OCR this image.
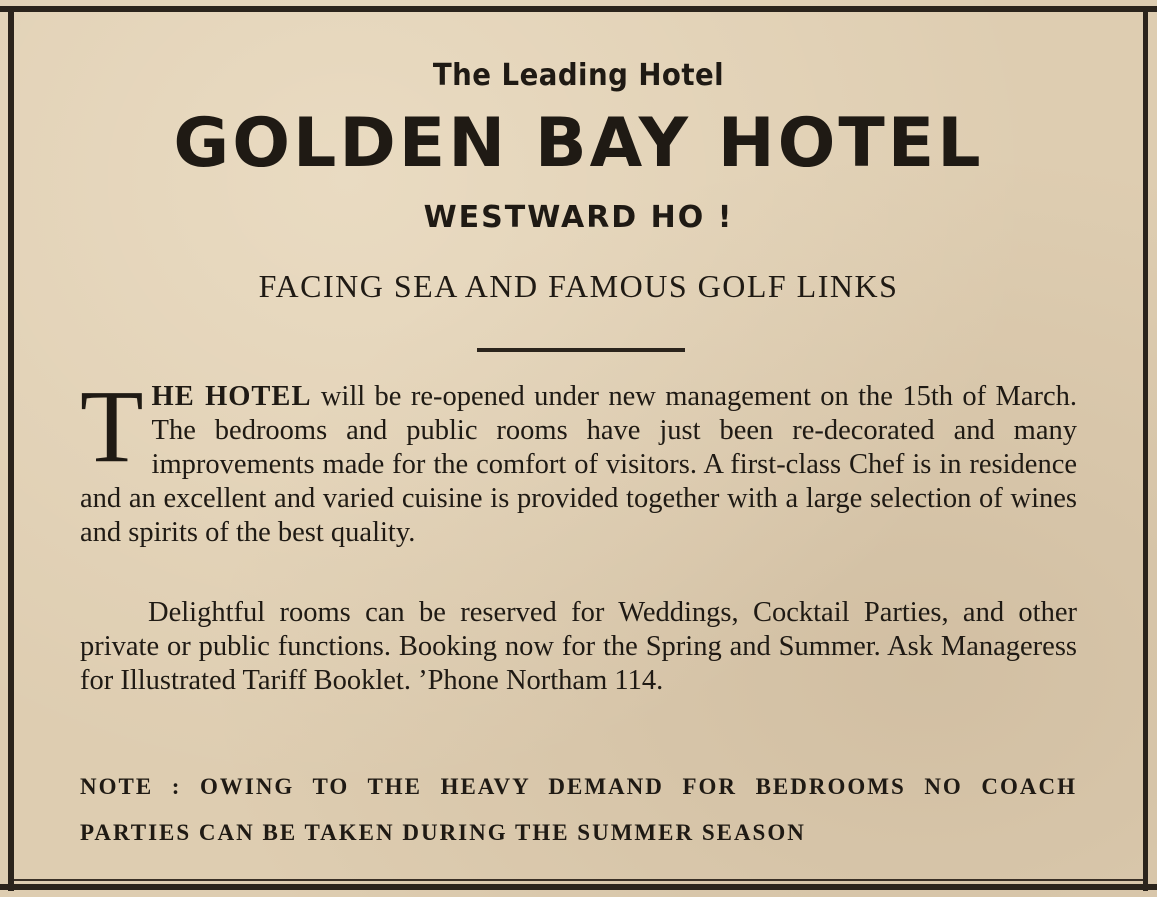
The Leading Hotel
GOLDEN BAY HOTEL
WESTWARD HO !
FACING SEA AND FAMOUS GOLF LINKS
THE HOTEL will be re-opened under new management on the 15th of March. The bedrooms and public rooms have just been re-decorated and many improvements made for the comfort of visitors. A first-class Chef is in residence and an excellent and varied cuisine is provided together with a large selection of wines and spirits of the best quality.
Delightful rooms can be reserved for Weddings, Cocktail Parties, and other private or public functions. Booking now for the Spring and Summer. Ask Manageress for Illustrated Tariff Booklet. ’Phone Northam 114.
NOTE : OWING TO THE HEAVY DEMAND FOR BEDROOMS NO COACH PARTIES CAN BE TAKEN DURING THE SUMMER SEASON
